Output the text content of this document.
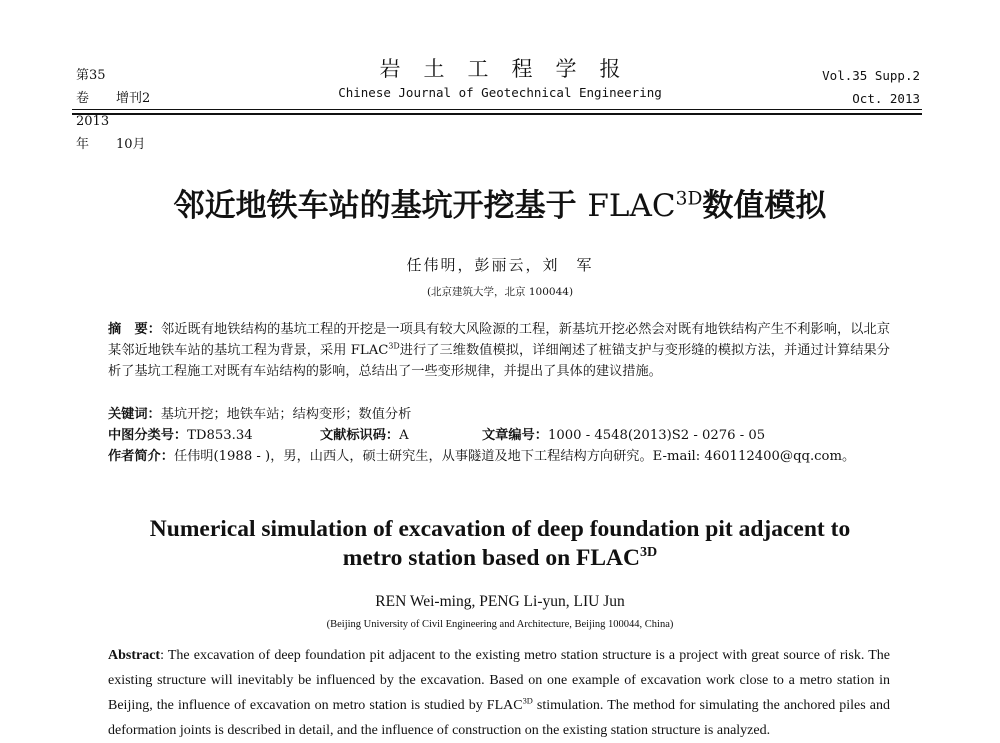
第35卷 增刊2
2013年 10月
岩土工程学报
Chinese Journal of Geotechnical Engineering
Vol.35 Supp.2
Oct. 2013
邻近地铁车站的基坑开挖基于 $FLAC^{3D}$数值模拟
任伟明，彭丽云，刘　军
(北京建筑大学，北京 100044)
摘　要：邻近既有地铁结构的基坑工程的开挖是一项具有较大风险源的工程，新基坑开挖必然会对既有地铁结构产生不利影响，以北京某邻近地铁车站的基坑工程为背景，采用 $FLAC^{3D}$进行了三维数值模拟，详细阐述了桩锚支护与变形缝的模拟方法，并通过计算结果分析了基坑工程施工对既有车站结构的影响，总结出了一些变形规律，并提出了具体的建议措施。
关键词：基坑开挖；地铁车站；结构变形；数值分析
中图分类号：TD853.34	文献标识码：A	文章编号：1000 - 4548(2013)S2 - 0276 - 05
作者简介：任伟明(1988 - )，男，山西人，硕士研究生，从事隧道及地下工程结构方向研究。E-mail: 460112400@qq.com。
Numerical simulation of excavation of deep foundation pit adjacent to
metro station based on $FLAC^{3D}$
REN Wei-ming, PENG Li-yun, LIU Jun
(Beijing University of Civil Engineering and Architecture, Beijing 100044, China)
Abstract: The excavation of deep foundation pit adjacent to the existing metro station structure is a project with great source of risk. The existing structure will inevitably be influenced by the excavation. Based on one example of excavation work close to a metro station in Beijing, the influence of excavation on metro station is studied by $FLAC^{3D}$ stimulation. The method for simulating the anchored piles and deformation joints is described in detail, and the influence of construction on the existing station structure is analyzed.
